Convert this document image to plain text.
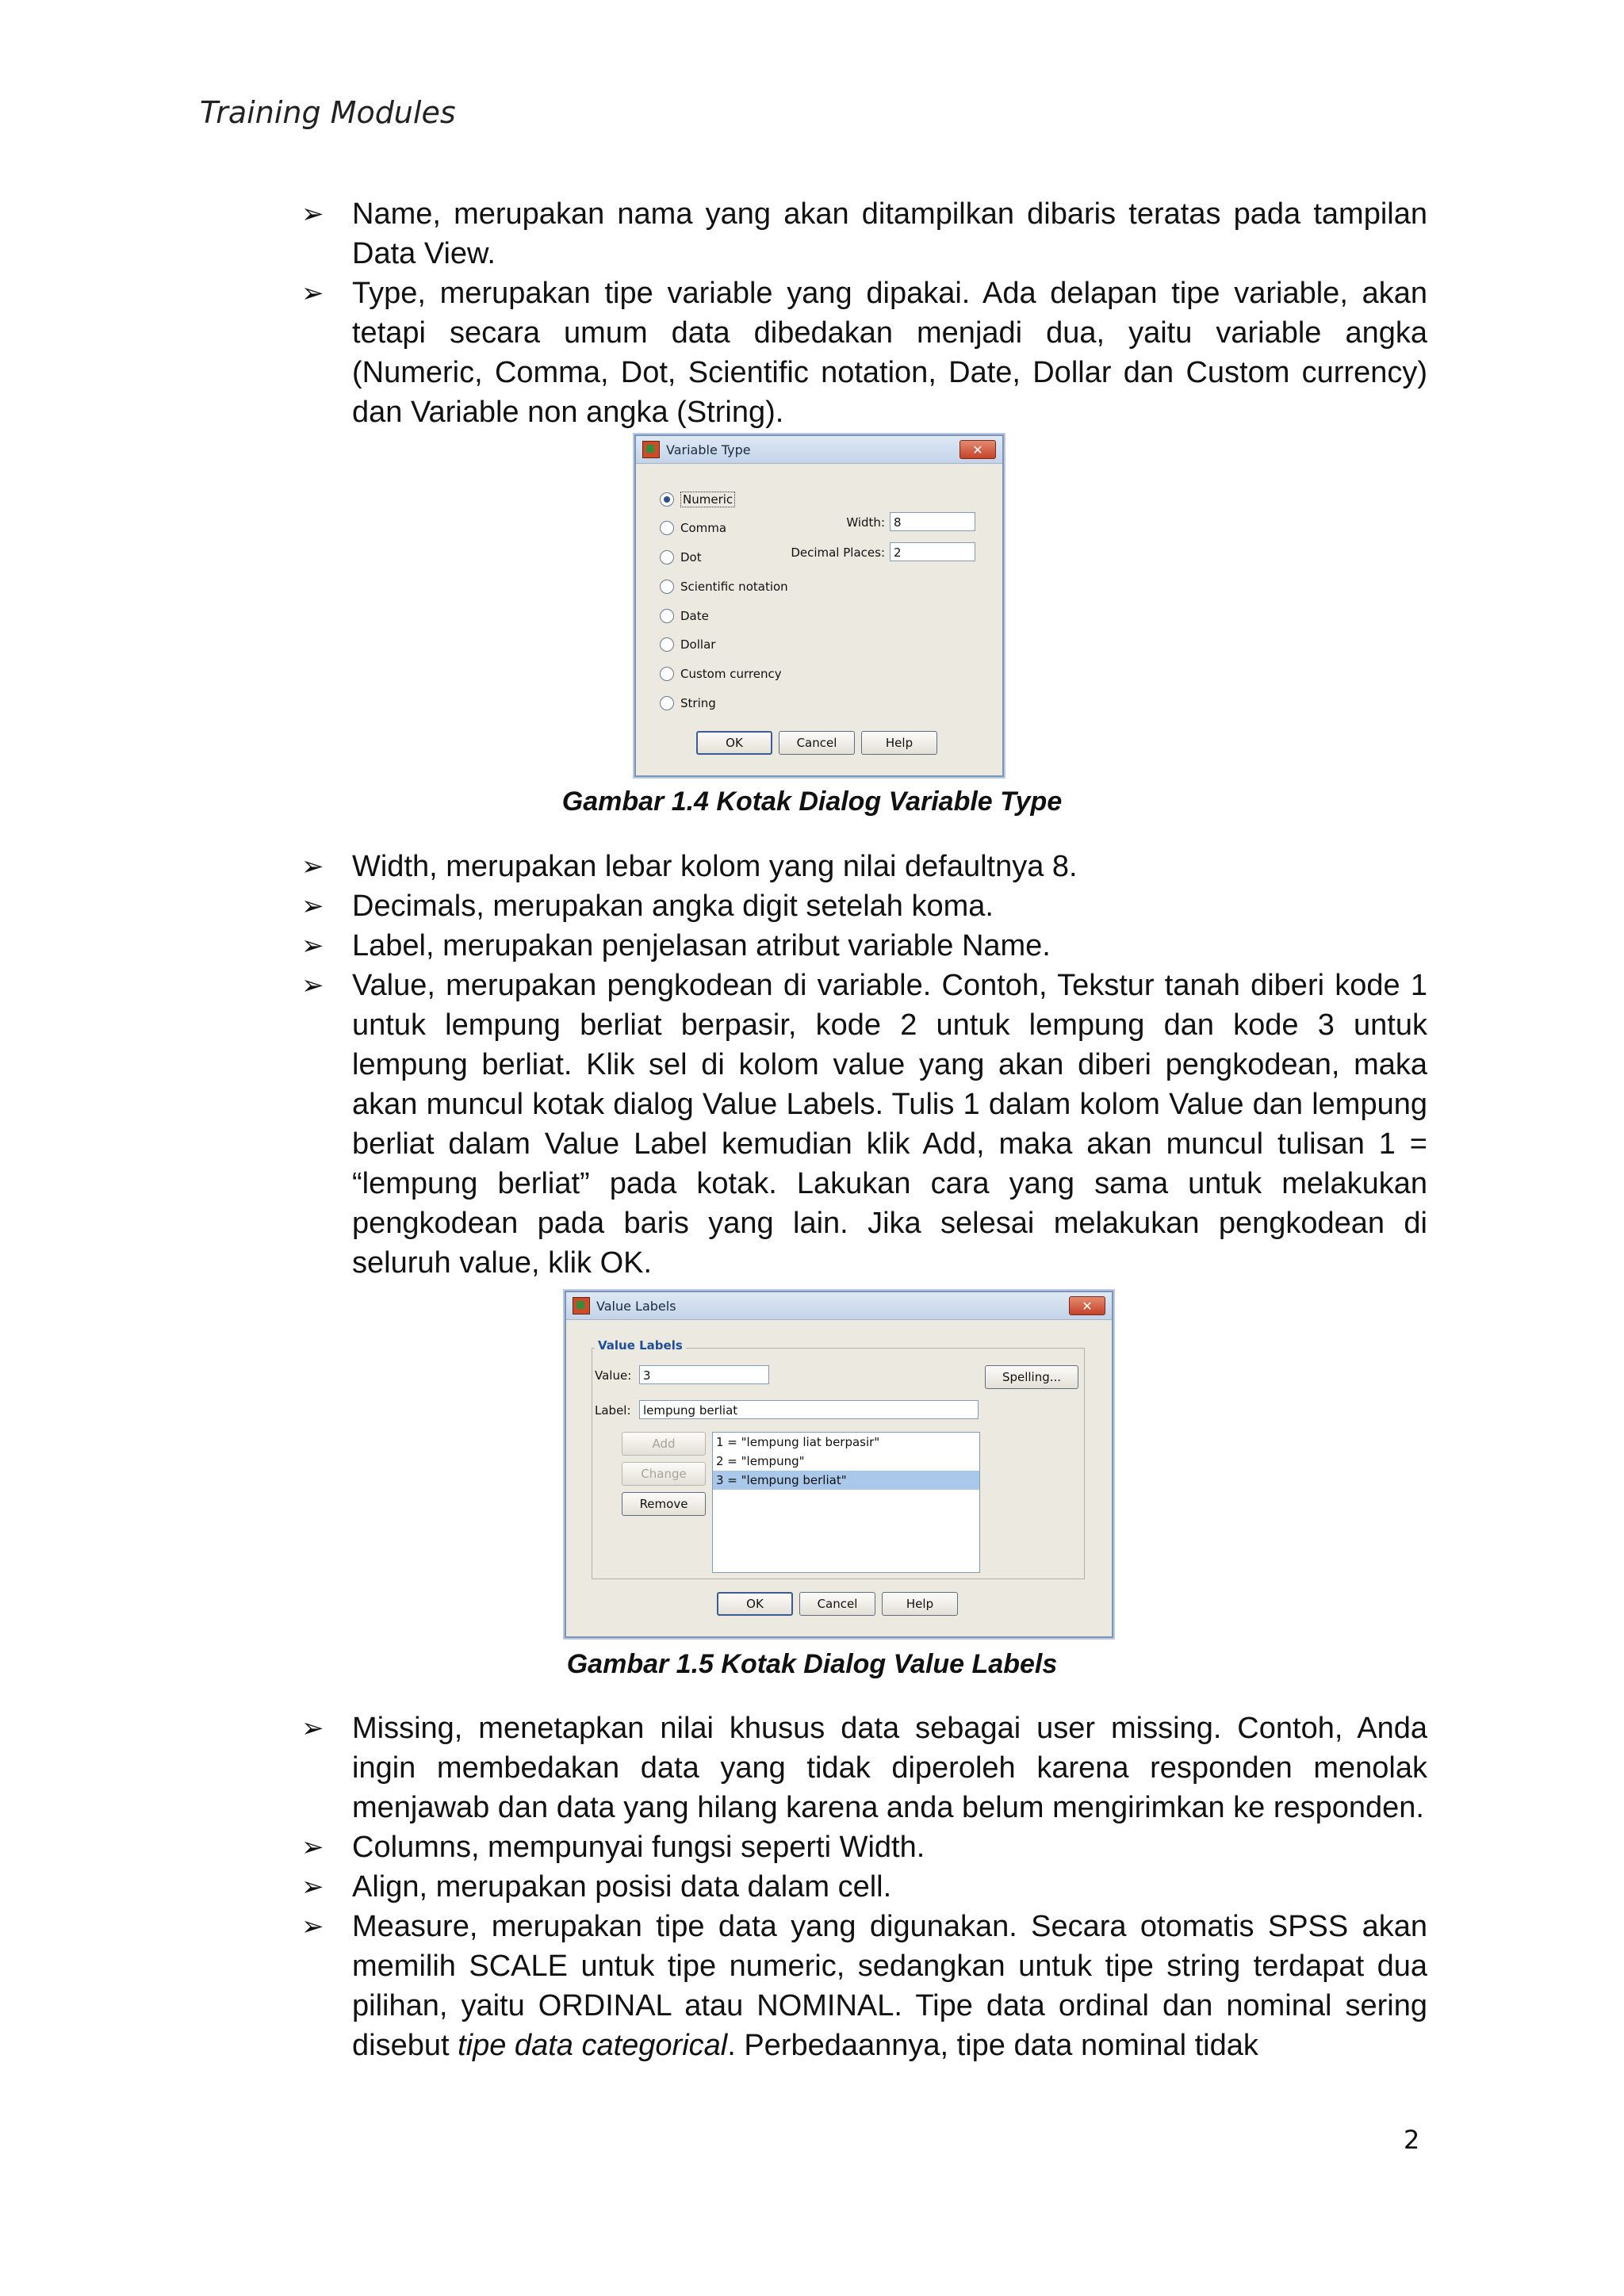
Training Modules
➢ Name, merupakan nama yang akan ditampilkan dibaris teratas pada tampilan Data View.
➢ Type, merupakan tipe variable yang dipakai. Ada delapan tipe variable, akan tetapi secara umum data dibedakan menjadi dua, yaitu variable angka (Numeric, Comma, Dot, Scientific notation, Date, Dollar dan Custom currency) dan Variable non angka (String).
Variable Type	✕
Numeric
Comma
Dot
Scientific notation
Date
Dollar
Custom currency
String
Width: 8
Decimal Places: 2
OK	Cancel	Help
Gambar 1.4 Kotak Dialog Variable Type
➢ Width, merupakan lebar kolom yang nilai defaultnya 8.
➢ Decimals, merupakan angka digit setelah koma.
➢ Label, merupakan penjelasan atribut variable Name.
➢ Value, merupakan pengkodean di variable. Contoh, Tekstur tanah diberi kode 1 untuk lempung berliat berpasir, kode 2 untuk lempung dan kode 3 untuk lempung berliat. Klik sel di kolom value yang akan diberi pengkodean, maka akan muncul kotak dialog Value Labels. Tulis 1 dalam kolom Value dan lempung berliat dalam Value Label kemudian klik Add, maka akan muncul tulisan 1 = “lempung berliat” pada kotak. Lakukan cara yang sama untuk melakukan pengkodean pada baris yang lain. Jika selesai melakukan pengkodean di seluruh value, klik OK.
Value Labels	✕
Value Labels
Value: 3	Spelling...
Label:	lempung berliat
Add
Change
Remove
1 = "lempung liat berpasir"
2 = "lempung"
3 = "lempung berliat"
OK	Cancel	Help
Gambar 1.5 Kotak Dialog Value Labels
➢ Missing, menetapkan nilai khusus data sebagai user missing. Contoh, Anda ingin membedakan data yang tidak diperoleh karena responden menolak menjawab dan data yang hilang karena anda belum mengirimkan ke responden.
➢ Columns, mempunyai fungsi seperti Width.
➢ Align, merupakan posisi data dalam cell.
➢ Measure, merupakan tipe data yang digunakan. Secara otomatis SPSS akan memilih SCALE untuk tipe numeric, sedangkan untuk tipe string terdapat dua pilihan, yaitu ORDINAL atau NOMINAL. Tipe data ordinal dan nominal sering disebut tipe data categorical. Perbedaannya, tipe data nominal tidak
2
